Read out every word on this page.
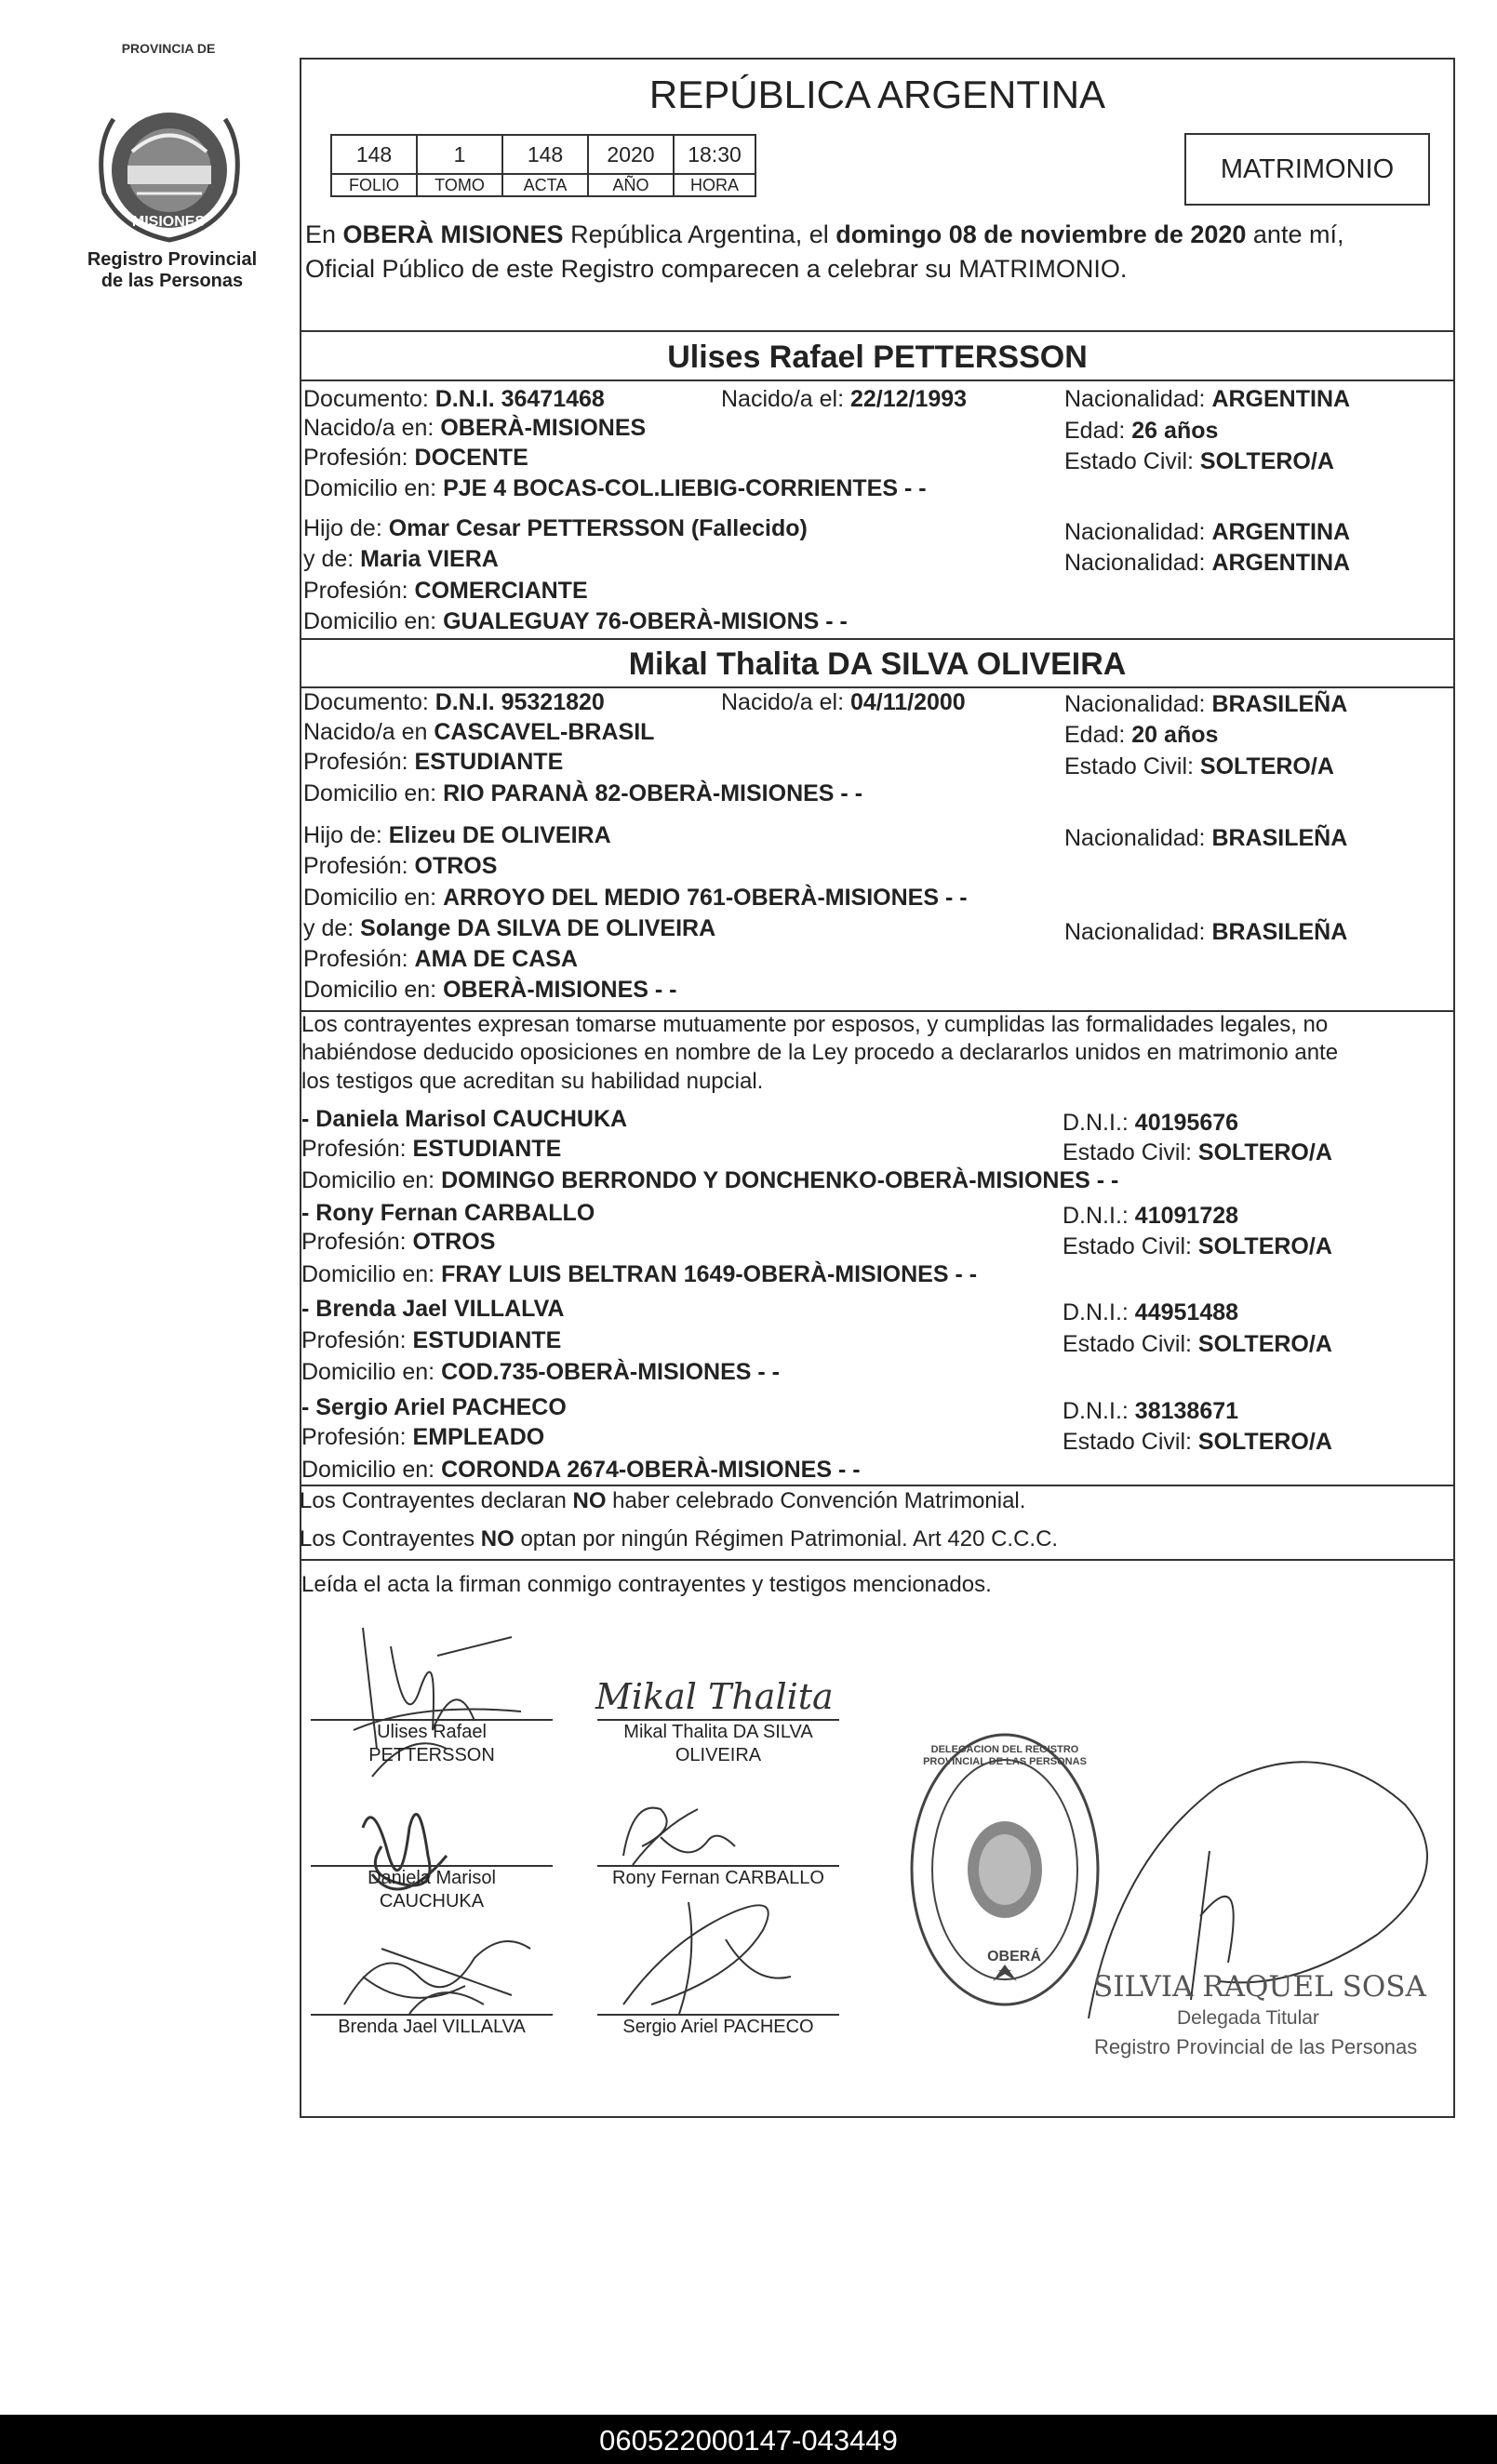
PROVINCIA DE
MISIONES
Registro Provincial
de las Personas
REPÚBLICA ARGENTINA
148	1	148	2020	18:30
FOLIO	TOMO	ACTA	AÑO	HORA
MATRIMONIO
En OBERÀ MISIONES República Argentina, el domingo 08 de noviembre de 2020 ante mí,
Oficial Público de este Registro comparecen a celebrar su MATRIMONIO.
Ulises Rafael PETTERSSON
Documento: D.N.I. 36471468	Nacido/a el: 22/12/1993	Nacionalidad: ARGENTINA
Nacido/a en: OBERÀ-MISIONES	Edad: 26 años
Profesión: DOCENTE	Estado Civil: SOLTERO/A
Domicilio en: PJE 4 BOCAS-COL.LIEBIG-CORRIENTES - -
Hijo de: Omar Cesar PETTERSSON (Fallecido)	Nacionalidad: ARGENTINA
y de: Maria VIERA	Nacionalidad: ARGENTINA
Profesión: COMERCIANTE
Domicilio en: GUALEGUAY 76-OBERÀ-MISIONS - -
Mikal Thalita DA SILVA OLIVEIRA
Documento: D.N.I. 95321820	Nacido/a el: 04/11/2000	Nacionalidad: BRASILEÑA
Nacido/a en CASCAVEL-BRASIL	Edad: 20 años
Profesión: ESTUDIANTE	Estado Civil: SOLTERO/A
Domicilio en: RIO PARANÀ 82-OBERÀ-MISIONES - -
Hijo de: Elizeu DE OLIVEIRA	Nacionalidad: BRASILEÑA
Profesión: OTROS
Domicilio en: ARROYO DEL MEDIO 761-OBERÀ-MISIONES - -
y de: Solange DA SILVA DE OLIVEIRA	Nacionalidad: BRASILEÑA
Profesión: AMA DE CASA
Domicilio en: OBERÀ-MISIONES - -
Los contrayentes expresan tomarse mutuamente por esposos, y cumplidas las formalidades legales, no
habiéndose deducido oposiciones en nombre de la Ley procedo a declararlos unidos en matrimonio ante
los testigos que acreditan su habilidad nupcial.
- Daniela Marisol CAUCHUKA	D.N.I.: 40195676
Profesión: ESTUDIANTE	Estado Civil: SOLTERO/A
Domicilio en: DOMINGO BERRONDO Y DONCHENKO-OBERÀ-MISIONES - -
- Rony Fernan CARBALLO	D.N.I.: 41091728
Profesión: OTROS	Estado Civil: SOLTERO/A
Domicilio en: FRAY LUIS BELTRAN 1649-OBERÀ-MISIONES - -
- Brenda Jael VILLALVA	D.N.I.: 44951488
Profesión: ESTUDIANTE	Estado Civil: SOLTERO/A
Domicilio en: COD.735-OBERÀ-MISIONES - -
- Sergio Ariel PACHECO	D.N.I.: 38138671
Profesión: EMPLEADO	Estado Civil: SOLTERO/A
Domicilio en: CORONDA 2674-OBERÀ-MISIONES - -
Los Contrayentes declaran NO haber celebrado Convención Matrimonial.
Los Contrayentes NO optan por ningún Régimen Patrimonial. Art 420 C.C.C.
Leída el acta la firman conmigo contrayentes y testigos mencionados.
Ulises Rafael
PETTERSSON
Mikal Thalita
Mikal Thalita DA SILVA
OLIVEIRA
Daniela Marisol
CAUCHUKA
Rony Fernan CARBALLO
Brenda Jael VILLALVA	Sergio Ariel PACHECO
DELEGACION DEL REGISTRO PROVINCIAL DE LAS PERSONAS
OBERÁ
SILVIA RAQUEL SOSA
Delegada Titular
Registro Provincial de las Personas
060522000147-043449
